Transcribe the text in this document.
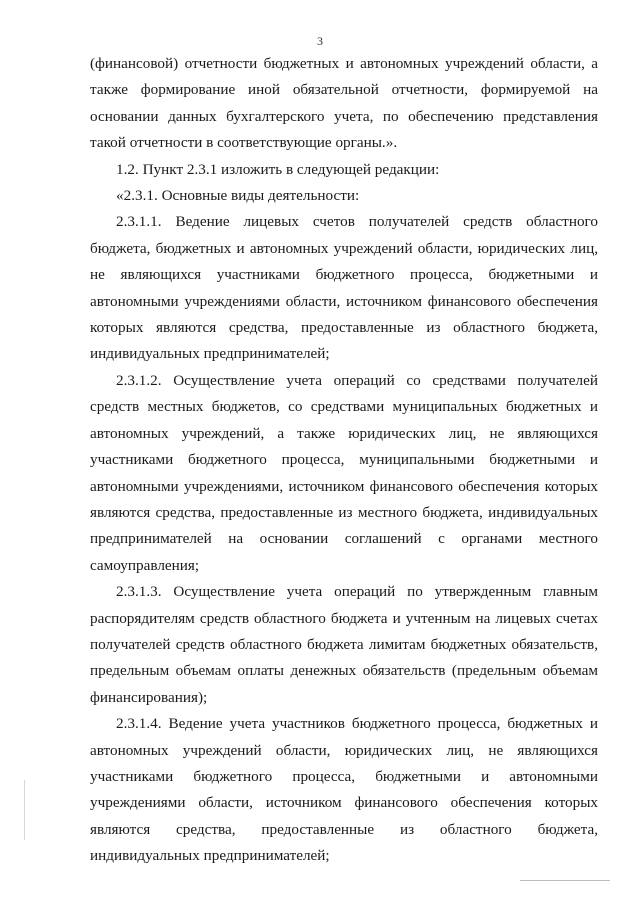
3

(финансовой) отчетности бюджетных и автономных учреждений области, а также формирование иной обязательной отчетности, формируемой на основании данных бухгалтерского учета, по обеспечению представления такой отчетности в соответствующие органы.».

1.2. Пункт 2.3.1 изложить в следующей редакции:

«2.3.1. Основные виды деятельности:

2.3.1.1. Ведение лицевых счетов получателей средств областного бюджета, бюджетных и автономных учреждений области, юридических лиц, не являющихся участниками бюджетного процесса, бюджетными и автономными учреждениями области, источником финансового обеспечения которых являются средства, предоставленные из областного бюджета, индивидуальных предпринимателей;

2.3.1.2. Осуществление учета операций со средствами получателей средств местных бюджетов, со средствами муниципальных бюджетных и автономных учреждений, а также юридических лиц, не являющихся участниками бюджетного процесса, муниципальными бюджетными и автономными учреждениями, источником финансового обеспечения которых являются средства, предоставленные из местного бюджета, индивидуальных предпринимателей на основании соглашений с органами местного самоуправления;

2.3.1.3. Осуществление учета операций по утвержденным главным распорядителям средств областного бюджета и учтенным на лицевых счетах получателей средств областного бюджета лимитам бюджетных обязательств, предельным объемам оплаты денежных обязательств (предельным объемам финансирования);

2.3.1.4. Ведение учета участников бюджетного процесса, бюджетных и автономных учреждений области, юридических лиц, не являющихся участниками бюджетного процесса, бюджетными и автономными учреждениями области, источником финансового обеспечения которых являются средства, предоставленные из областного бюджета, индивидуальных предпринимателей;
